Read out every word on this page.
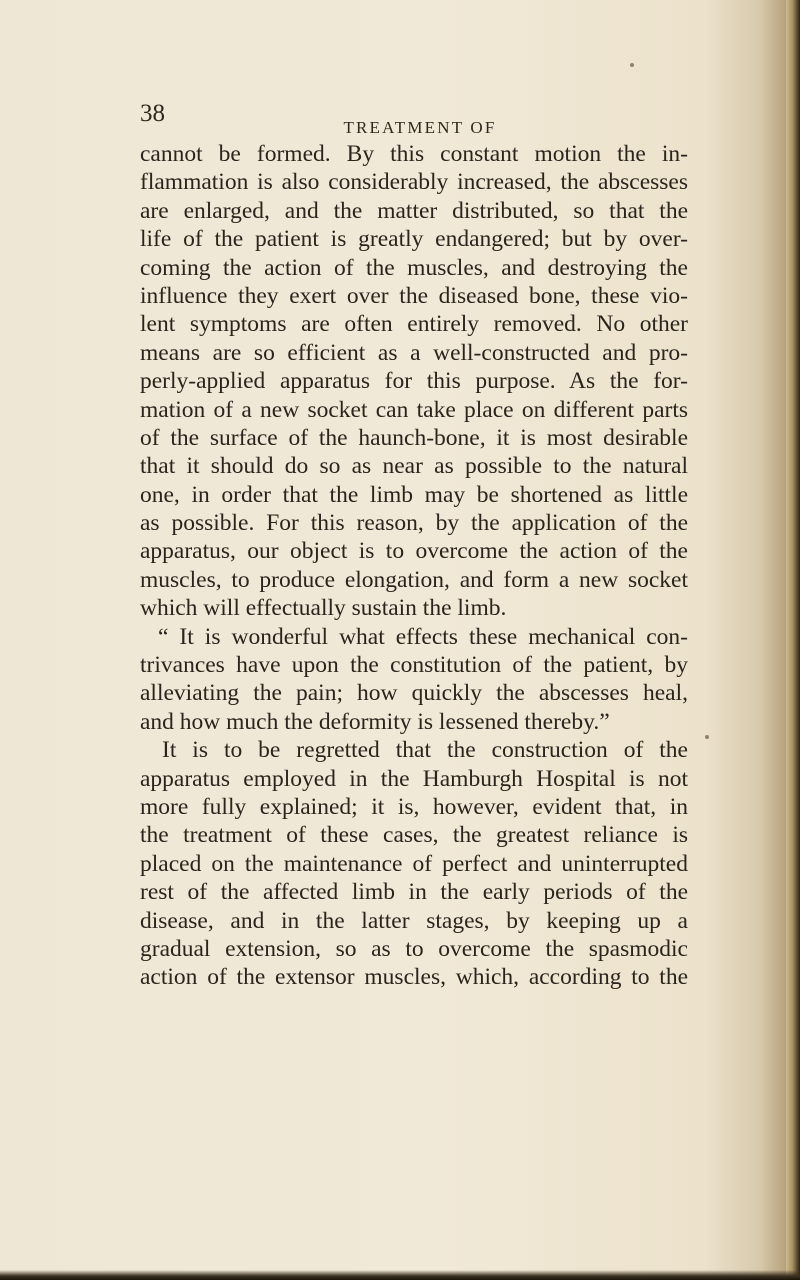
38
TREATMENT OF
cannot be formed. By this constant motion the in-
flammation is also considerably increased, the abscesses
are enlarged, and the matter distributed, so that the
life of the patient is greatly endangered; but by over-
coming the action of the muscles, and destroying the
influence they exert over the diseased bone, these vio-
lent symptoms are often entirely removed. No other
means are so efficient as a well-constructed and pro-
perly-applied apparatus for this purpose. As the for-
mation of a new socket can take place on different parts
of the surface of the haunch-bone, it is most desirable
that it should do so as near as possible to the natural
one, in order that the limb may be shortened as little
as possible. For this reason, by the application of the
apparatus, our object is to overcome the action of the
muscles, to produce elongation, and form a new socket
which will effectually sustain the limb.
“ It is wonderful what effects these mechanical con-
trivances have upon the constitution of the patient, by
alleviating the pain; how quickly the abscesses heal,
and how much the deformity is lessened thereby.”
It is to be regretted that the construction of the
apparatus employed in the Hamburgh Hospital is not
more fully explained; it is, however, evident that, in
the treatment of these cases, the greatest reliance is
placed on the maintenance of perfect and uninterrupted
rest of the affected limb in the early periods of the
disease, and in the latter stages, by keeping up a
gradual extension, so as to overcome the spasmodic
action of the extensor muscles, which, according to the
